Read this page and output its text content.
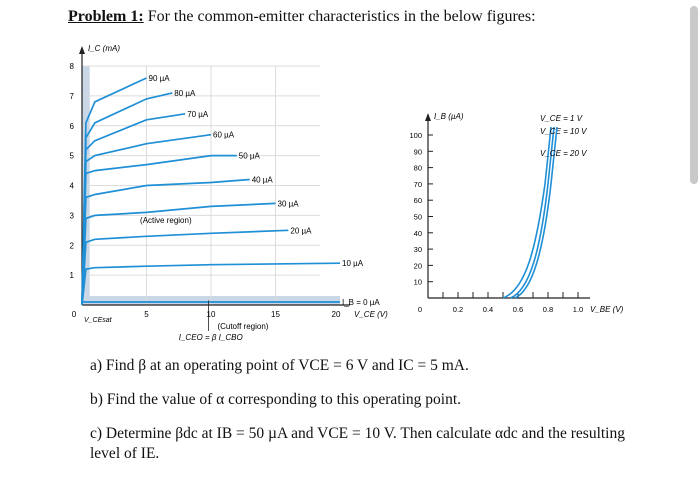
Problem 1: For the common-emitter characteristics in the below figures:
1
2
3
4
5
6
7
8
5	10	15	20
0
I_C (mA)
V_CE (V)
90 µA
80 µA
70 µA
60 µA
50 µA
40 µA
30 µA
20 µA
10 µA
I_B = 0 µA
V_CEsat
(Active region)
(Cutoff region)
I_CEO = β I_CBO
10
20
30
40
50
60
70
80
90
100
0.2	0.4	0.6	0.8	1.0
0
I_B (µA)
V_BE (V)
V_CE = 1 V
V_CE = 10 V
V_CE = 20 V
a) Find β at an operating point of VCE = 6 V and IC = 5 mA.
b) Find the value of α corresponding to this operating point.
c) Determine βdc at IB = 50 µA and VCE = 10 V. Then calculate αdc and the resulting level of IE.
